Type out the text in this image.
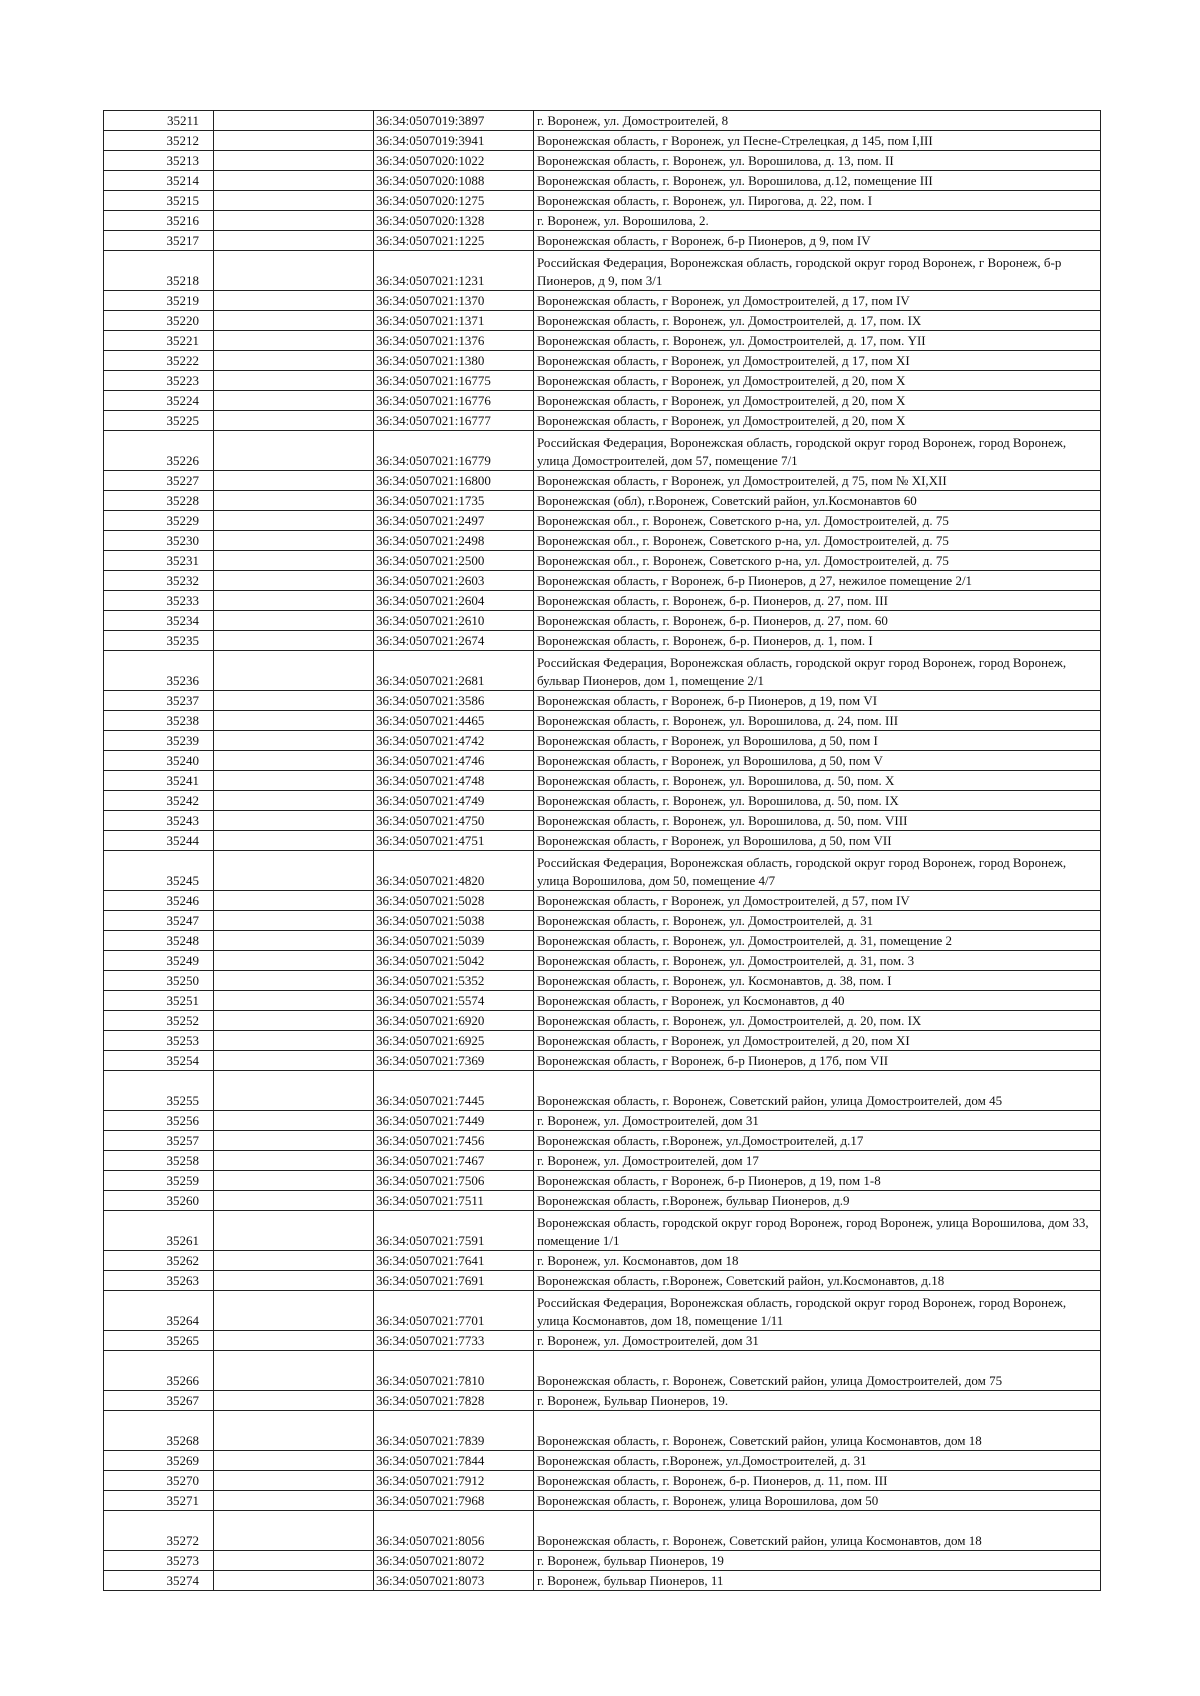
35211		36:34:0507019:3897	г. Воронеж, ул. Домостроителей, 8
35212		36:34:0507019:3941	Воронежская область, г Воронеж, ул Песне-Стрелецкая, д 145, пом I,III
35213		36:34:0507020:1022	Воронежская область, г. Воронеж, ул. Ворошилова, д. 13, пом. II
35214		36:34:0507020:1088	Воронежская область, г. Воронеж, ул. Ворошилова, д.12, помещение III
35215		36:34:0507020:1275	Воронежская область, г. Воронеж, ул. Пирогова, д. 22, пом. I
35216		36:34:0507020:1328	г. Воронеж, ул. Ворошилова, 2.
35217		36:34:0507021:1225	Воронежская область, г Воронеж, б-р Пионеров, д 9, пом IV
35218		36:34:0507021:1231	Российская Федерация, Воронежская область, городской округ город Воронеж, г Воронеж, б-р Пионеров, д 9, пом 3/1
35219		36:34:0507021:1370	Воронежская область, г Воронеж, ул Домостроителей, д 17, пом IV
35220		36:34:0507021:1371	Воронежская область, г. Воронеж, ул. Домостроителей, д. 17, пом. IX
35221		36:34:0507021:1376	Воронежская область, г. Воронеж, ул. Домостроителей, д. 17, пом. YII
35222		36:34:0507021:1380	Воронежская область, г Воронеж, ул Домостроителей, д 17, пом XI
35223		36:34:0507021:16775	Воронежская область, г Воронеж, ул Домостроителей, д 20, пом X
35224		36:34:0507021:16776	Воронежская область, г Воронеж, ул Домостроителей, д 20, пом X
35225		36:34:0507021:16777	Воронежская область, г Воронеж, ул Домостроителей, д 20, пом X
35226		36:34:0507021:16779	Российская Федерация, Воронежская область, городской округ город Воронеж, город Воронеж, улица Домостроителей, дом 57, помещение 7/1
35227		36:34:0507021:16800	Воронежская область, г Воронеж, ул Домостроителей, д 75, пом № XI,XII
35228		36:34:0507021:1735	Воронежская (обл), г.Воронеж, Советский район, ул.Космонавтов 60
35229		36:34:0507021:2497	Воронежская обл., г. Воронеж, Советского р-на, ул. Домостроителей, д. 75
35230		36:34:0507021:2498	Воронежская обл., г. Воронеж, Советского р-на, ул. Домостроителей, д. 75
35231		36:34:0507021:2500	Воронежская обл., г. Воронеж, Советского р-на, ул. Домостроителей, д. 75
35232		36:34:0507021:2603	Воронежская область, г Воронеж, б-р Пионеров, д 27, нежилое помещение 2/1
35233		36:34:0507021:2604	Воронежская область, г. Воронеж, б-р. Пионеров, д. 27, пом. III
35234		36:34:0507021:2610	Воронежская область, г. Воронеж, б-р. Пионеров, д. 27, пом. 60
35235		36:34:0507021:2674	Воронежская область, г. Воронеж, б-р. Пионеров, д. 1, пом. I
35236		36:34:0507021:2681	Российская Федерация, Воронежская область, городской округ город Воронеж, город Воронеж, бульвар Пионеров, дом 1, помещение 2/1
35237		36:34:0507021:3586	Воронежская область, г Воронеж, б-р Пионеров, д 19, пом VI
35238		36:34:0507021:4465	Воронежская область, г. Воронеж, ул. Ворошилова, д. 24, пом. III
35239		36:34:0507021:4742	Воронежская область, г Воронеж, ул Ворошилова, д 50, пом I
35240		36:34:0507021:4746	Воронежская область, г Воронеж, ул Ворошилова, д 50, пом V
35241		36:34:0507021:4748	Воронежская область, г. Воронеж, ул. Ворошилова, д. 50, пом. X
35242		36:34:0507021:4749	Воронежская область, г. Воронеж, ул. Ворошилова, д. 50, пом. IX
35243		36:34:0507021:4750	Воронежская область, г. Воронеж, ул. Ворошилова, д. 50, пом. VIII
35244		36:34:0507021:4751	Воронежская область, г Воронеж, ул Ворошилова, д 50, пом VII
35245		36:34:0507021:4820	Российская Федерация, Воронежская область, городской округ город Воронеж, город Воронеж, улица Ворошилова, дом 50, помещение 4/7
35246		36:34:0507021:5028	Воронежская область, г Воронеж, ул Домостроителей, д 57, пом IV
35247		36:34:0507021:5038	Воронежская область, г. Воронеж, ул. Домостроителей, д. 31
35248		36:34:0507021:5039	Воронежская область, г. Воронеж, ул. Домостроителей, д. 31, помещение 2
35249		36:34:0507021:5042	Воронежская область, г. Воронеж, ул. Домостроителей, д. 31, пом. 3
35250		36:34:0507021:5352	Воронежская область, г. Воронеж, ул. Космонавтов, д. 38, пом. I
35251		36:34:0507021:5574	Воронежская область, г Воронеж, ул Космонавтов, д 40
35252		36:34:0507021:6920	Воронежская область, г. Воронеж, ул. Домостроителей, д. 20, пом. IX
35253		36:34:0507021:6925	Воронежская область, г Воронеж, ул Домостроителей, д 20, пом XI
35254		36:34:0507021:7369	Воронежская область, г Воронеж, б-р Пионеров, д 17б, пом VII
35255		36:34:0507021:7445	Воронежская область, г. Воронеж, Советский район, улица Домостроителей, дом 45
35256		36:34:0507021:7449	г. Воронеж, ул. Домостроителей, дом 31
35257		36:34:0507021:7456	Воронежская область, г.Воронеж, ул.Домостроителей, д.17
35258		36:34:0507021:7467	г. Воронеж, ул. Домостроителей, дом 17
35259		36:34:0507021:7506	Воронежская область, г Воронеж, б-р Пионеров, д 19, пом 1-8
35260		36:34:0507021:7511	Воронежская область, г.Воронеж, бульвар Пионеров, д.9
35261		36:34:0507021:7591	Воронежская область, городской округ город Воронеж, город Воронеж, улица Ворошилова, дом 33, помещение 1/1
35262		36:34:0507021:7641	г. Воронеж, ул. Космонавтов, дом 18
35263		36:34:0507021:7691	Воронежская область, г.Воронеж, Советский район, ул.Космонавтов, д.18
35264		36:34:0507021:7701	Российская Федерация, Воронежская область, городской округ город Воронеж, город Воронеж, улица Космонавтов, дом 18, помещение 1/11
35265		36:34:0507021:7733	г. Воронеж, ул. Домостроителей, дом 31
35266		36:34:0507021:7810	Воронежская область, г. Воронеж, Советский район, улица Домостроителей, дом 75
35267		36:34:0507021:7828	г. Воронеж, Бульвар Пионеров, 19.
35268		36:34:0507021:7839	Воронежская область, г. Воронеж, Советский район, улица Космонавтов, дом 18
35269		36:34:0507021:7844	Воронежская область, г.Воронеж, ул.Домостроителей, д. 31
35270		36:34:0507021:7912	Воронежская область, г. Воронеж, б-р. Пионеров, д. 11, пом. III
35271		36:34:0507021:7968	Воронежская область, г. Воронеж, улица Ворошилова, дом 50
35272		36:34:0507021:8056	Воронежская область, г. Воронеж, Советский район, улица Космонавтов, дом 18
35273		36:34:0507021:8072	г. Воронеж, бульвар Пионеров, 19
35274		36:34:0507021:8073	г. Воронеж, бульвар Пионеров, 11
